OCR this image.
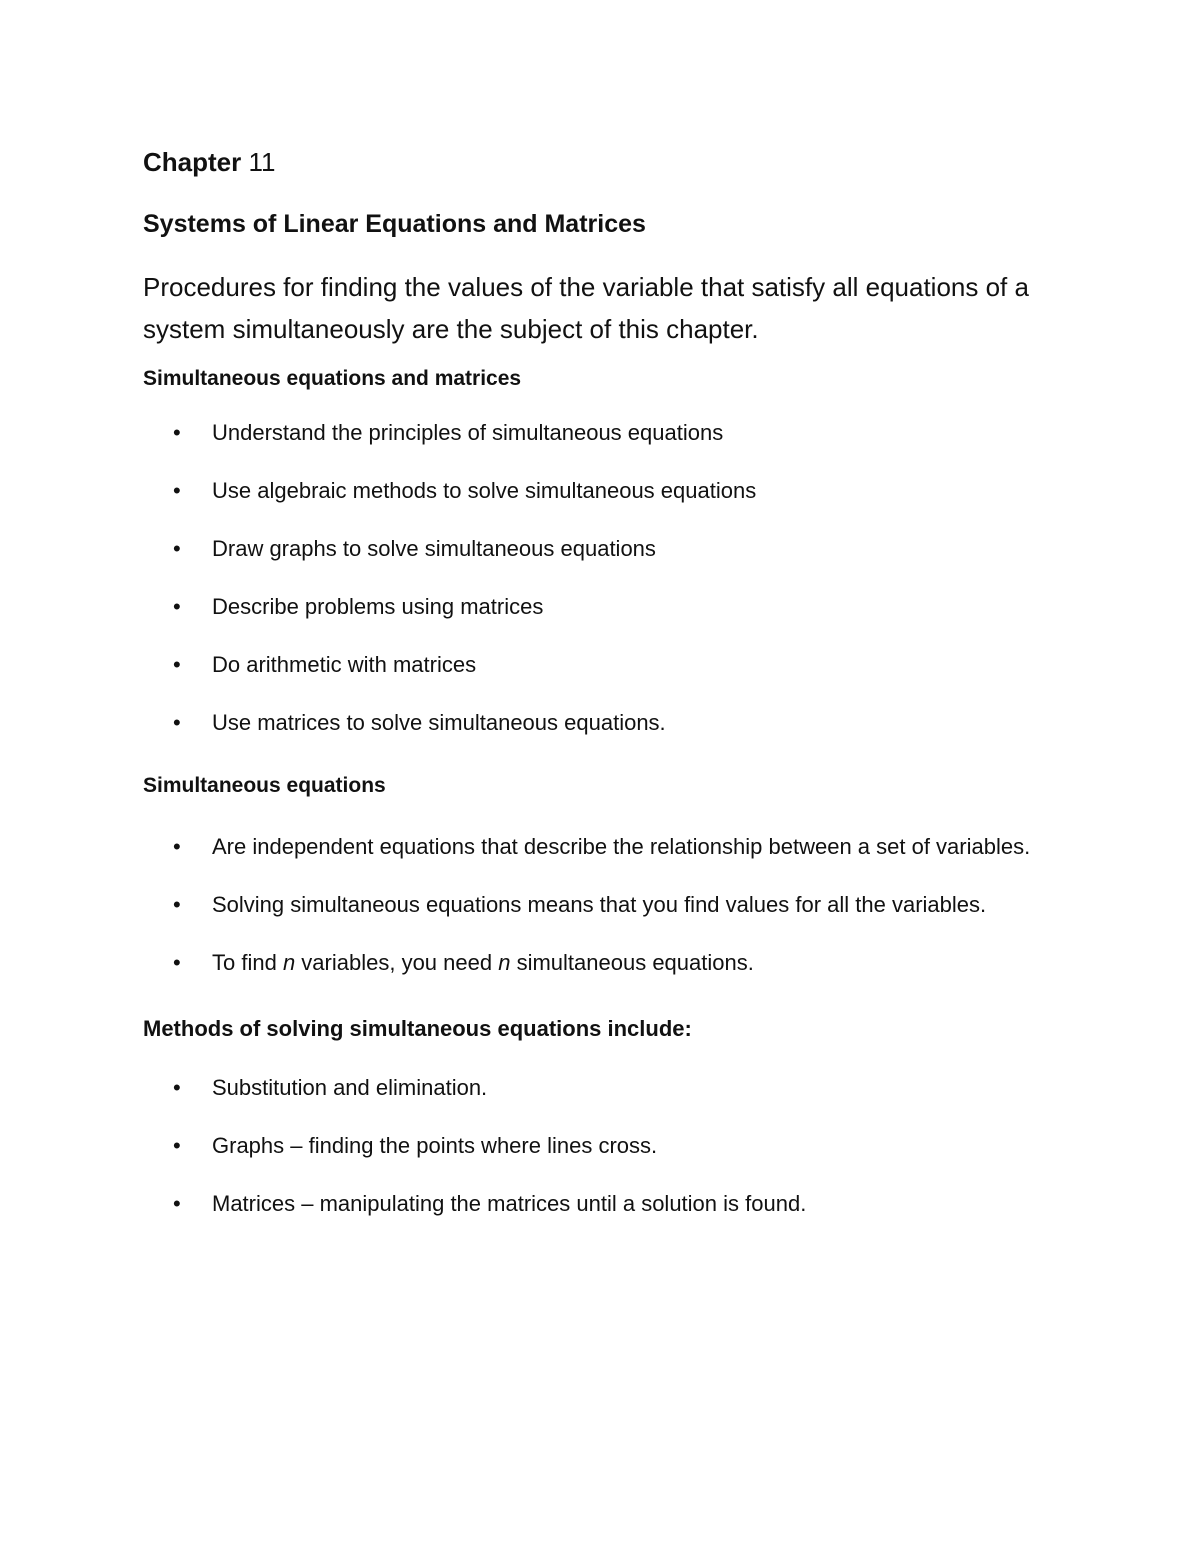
Chapter 11

Systems of Linear Equations and Matrices

Procedures for finding the values of the variable that satisfy all equations of a system simultaneously are the subject of this chapter.

Simultaneous equations and matrices
• Understand the principles of simultaneous equations
• Use algebraic methods to solve simultaneous equations
• Draw graphs to solve simultaneous equations
• Describe problems using matrices
• Do arithmetic with matrices
• Use matrices to solve simultaneous equations.
Simultaneous equations
• Are independent equations that describe the relationship between a set of variables.
• Solving simultaneous equations means that you find values for all the variables.
• To find n variables, you need n simultaneous equations.
Methods of solving simultaneous equations include:
• Substitution and elimination.
• Graphs – finding the points where lines cross.
• Matrices – manipulating the matrices until a solution is found.
